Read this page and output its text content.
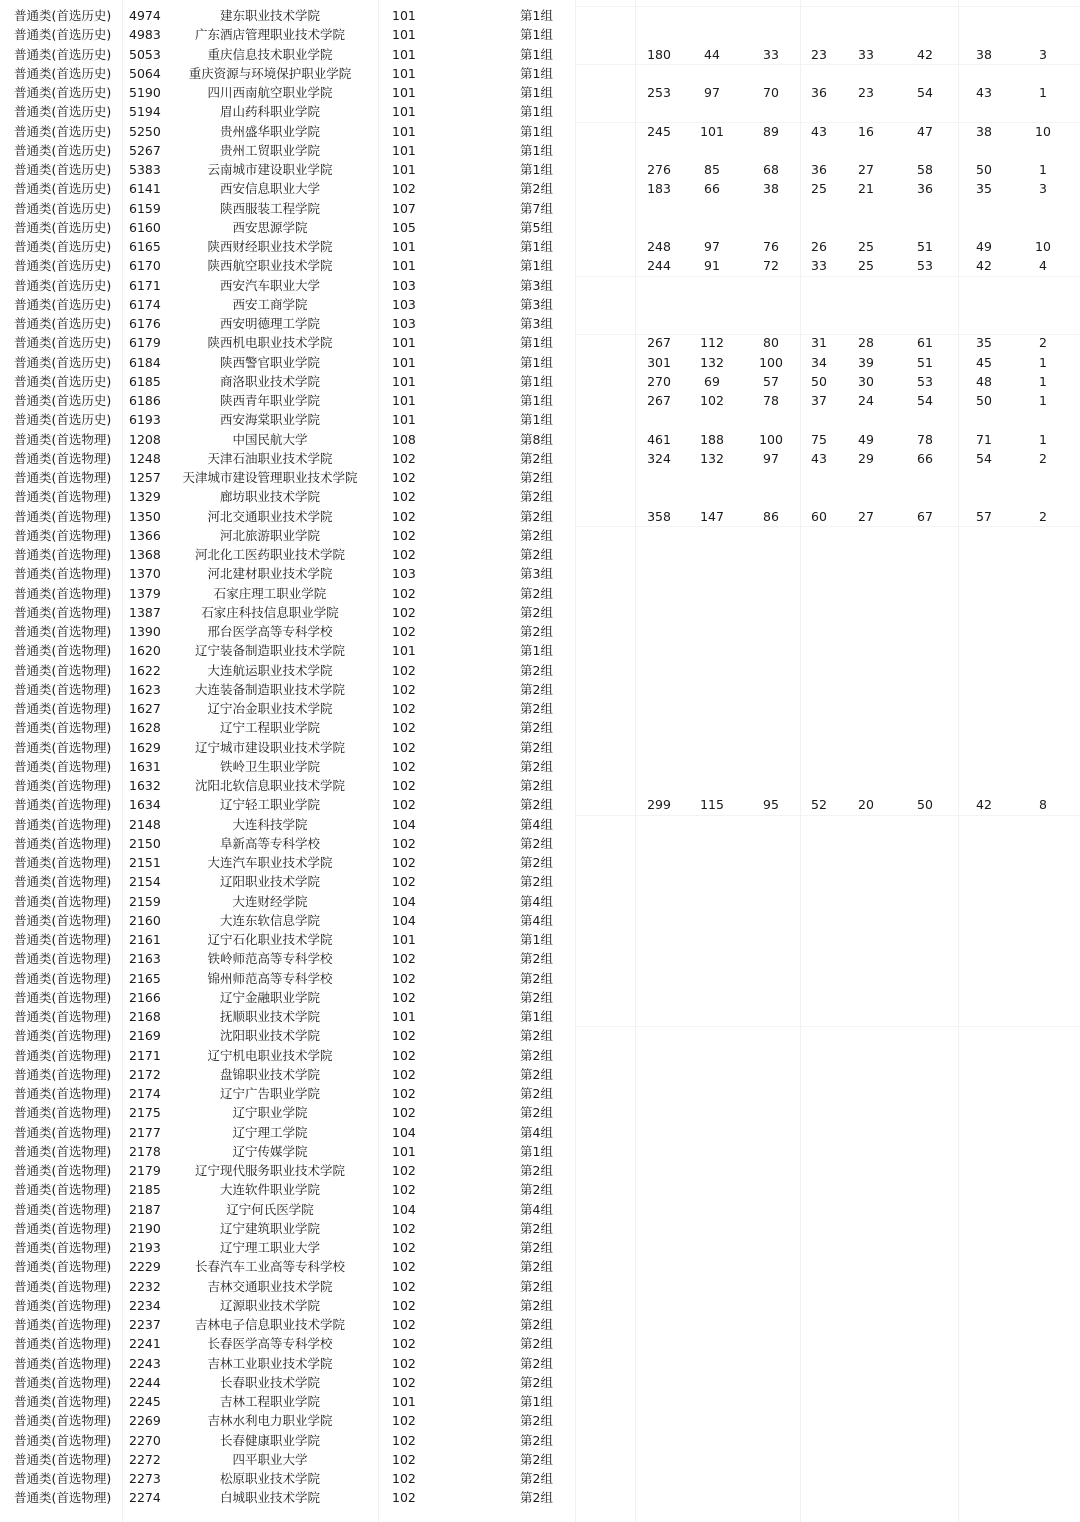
普通类(首选历史)	4974	建东职业技术学院	101	第1组
普通类(首选历史)	4983	广东酒店管理职业技术学院	101	第1组
普通类(首选历史)	5053	重庆信息技术职业学院	101	第1组	180	44	33	23	33	42	38	3
普通类(首选历史)	5064	重庆资源与环境保护职业学院	101	第1组
普通类(首选历史)	5190	四川西南航空职业学院	101	第1组	253	97	70	36	23	54	43	1
普通类(首选历史)	5194	眉山药科职业学院	101	第1组
普通类(首选历史)	5250	贵州盛华职业学院	101	第1组	245	101	89	43	16	47	38	10
普通类(首选历史)	5267	贵州工贸职业学院	101	第1组
普通类(首选历史)	5383	云南城市建设职业学院	101	第1组	276	85	68	36	27	58	50	1
普通类(首选历史)	6141	西安信息职业大学	102	第2组	183	66	38	25	21	36	35	3
普通类(首选历史)	6159	陕西服装工程学院	107	第7组
普通类(首选历史)	6160	西安思源学院	105	第5组
普通类(首选历史)	6165	陕西财经职业技术学院	101	第1组	248	97	76	26	25	51	49	10
普通类(首选历史)	6170	陕西航空职业技术学院	101	第1组	244	91	72	33	25	53	42	4
普通类(首选历史)	6171	西安汽车职业大学	103	第3组
普通类(首选历史)	6174	西安工商学院	103	第3组
普通类(首选历史)	6176	西安明德理工学院	103	第3组
普通类(首选历史)	6179	陕西机电职业技术学院	101	第1组	267	112	80	31	28	61	35	2
普通类(首选历史)	6184	陕西警官职业学院	101	第1组	301	132	100	34	39	51	45	1
普通类(首选历史)	6185	商洛职业技术学院	101	第1组	270	69	57	50	30	53	48	1
普通类(首选历史)	6186	陕西青年职业学院	101	第1组	267	102	78	37	24	54	50	1
普通类(首选历史)	6193	西安海棠职业学院	101	第1组
普通类(首选物理)	1208	中国民航大学	108	第8组	461	188	100	75	49	78	71	1
普通类(首选物理)	1248	天津石油职业技术学院	102	第2组	324	132	97	43	29	66	54	2
普通类(首选物理)	1257	天津城市建设管理职业技术学院	102	第2组
普通类(首选物理)	1329	廊坊职业技术学院	102	第2组
普通类(首选物理)	1350	河北交通职业技术学院	102	第2组	358	147	86	60	27	67	57	2
普通类(首选物理)	1366	河北旅游职业学院	102	第2组
普通类(首选物理)	1368	河北化工医药职业技术学院	102	第2组
普通类(首选物理)	1370	河北建材职业技术学院	103	第3组
普通类(首选物理)	1379	石家庄理工职业学院	102	第2组
普通类(首选物理)	1387	石家庄科技信息职业学院	102	第2组
普通类(首选物理)	1390	邢台医学高等专科学校	102	第2组
普通类(首选物理)	1620	辽宁装备制造职业技术学院	101	第1组
普通类(首选物理)	1622	大连航运职业技术学院	102	第2组
普通类(首选物理)	1623	大连装备制造职业技术学院	102	第2组
普通类(首选物理)	1627	辽宁冶金职业技术学院	102	第2组
普通类(首选物理)	1628	辽宁工程职业学院	102	第2组
普通类(首选物理)	1629	辽宁城市建设职业技术学院	102	第2组
普通类(首选物理)	1631	铁岭卫生职业学院	102	第2组
普通类(首选物理)	1632	沈阳北软信息职业技术学院	102	第2组
普通类(首选物理)	1634	辽宁轻工职业学院	102	第2组	299	115	95	52	20	50	42	8
普通类(首选物理)	2148	大连科技学院	104	第4组
普通类(首选物理)	2150	阜新高等专科学校	102	第2组
普通类(首选物理)	2151	大连汽车职业技术学院	102	第2组
普通类(首选物理)	2154	辽阳职业技术学院	102	第2组
普通类(首选物理)	2159	大连财经学院	104	第4组
普通类(首选物理)	2160	大连东软信息学院	104	第4组
普通类(首选物理)	2161	辽宁石化职业技术学院	101	第1组
普通类(首选物理)	2163	铁岭师范高等专科学校	102	第2组
普通类(首选物理)	2165	锦州师范高等专科学校	102	第2组
普通类(首选物理)	2166	辽宁金融职业学院	102	第2组
普通类(首选物理)	2168	抚顺职业技术学院	101	第1组
普通类(首选物理)	2169	沈阳职业技术学院	102	第2组
普通类(首选物理)	2171	辽宁机电职业技术学院	102	第2组
普通类(首选物理)	2172	盘锦职业技术学院	102	第2组
普通类(首选物理)	2174	辽宁广告职业学院	102	第2组
普通类(首选物理)	2175	辽宁职业学院	102	第2组
普通类(首选物理)	2177	辽宁理工学院	104	第4组
普通类(首选物理)	2178	辽宁传媒学院	101	第1组
普通类(首选物理)	2179	辽宁现代服务职业技术学院	102	第2组
普通类(首选物理)	2185	大连软件职业学院	102	第2组
普通类(首选物理)	2187	辽宁何氏医学院	104	第4组
普通类(首选物理)	2190	辽宁建筑职业学院	102	第2组
普通类(首选物理)	2193	辽宁理工职业大学	102	第2组
普通类(首选物理)	2229	长春汽车工业高等专科学校	102	第2组
普通类(首选物理)	2232	吉林交通职业技术学院	102	第2组
普通类(首选物理)	2234	辽源职业技术学院	102	第2组
普通类(首选物理)	2237	吉林电子信息职业技术学院	102	第2组
普通类(首选物理)	2241	长春医学高等专科学校	102	第2组
普通类(首选物理)	2243	吉林工业职业技术学院	102	第2组
普通类(首选物理)	2244	长春职业技术学院	102	第2组
普通类(首选物理)	2245	吉林工程职业学院	101	第1组
普通类(首选物理)	2269	吉林水利电力职业学院	102	第2组
普通类(首选物理)	2270	长春健康职业学院	102	第2组
普通类(首选物理)	2272	四平职业大学	102	第2组
普通类(首选物理)	2273	松原职业技术学院	102	第2组
普通类(首选物理)	2274	白城职业技术学院	102	第2组
